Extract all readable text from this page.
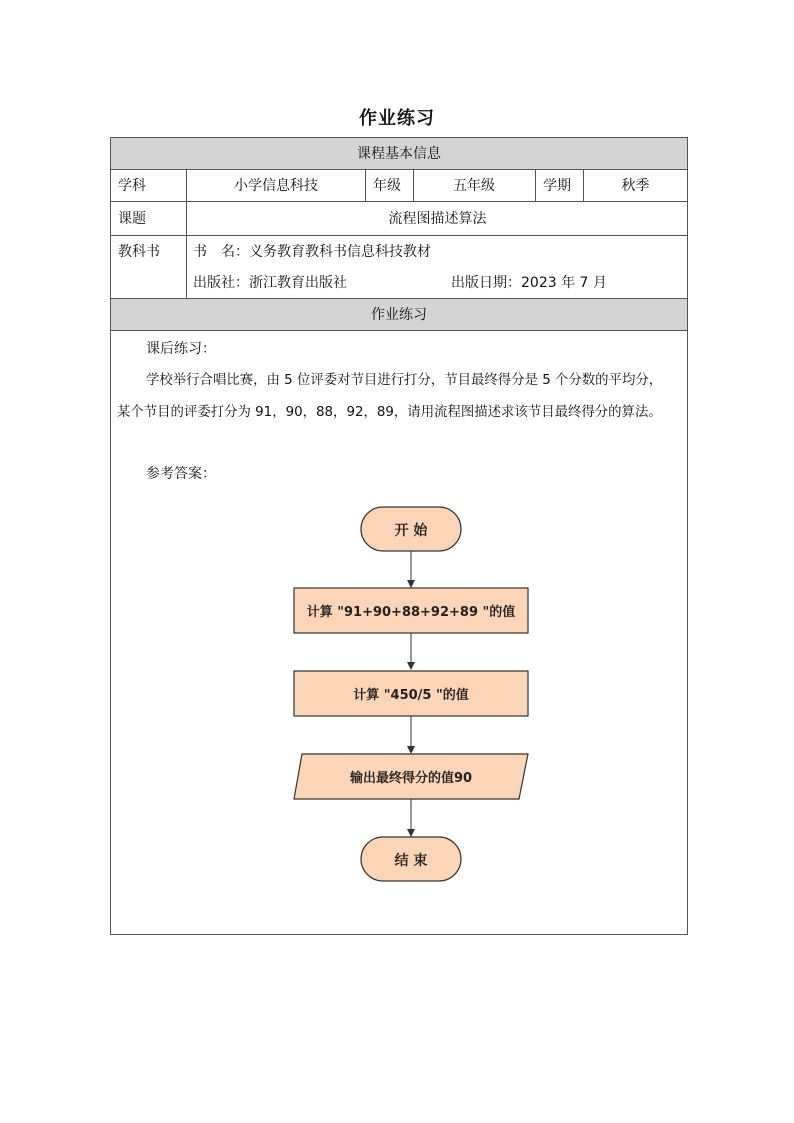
作业练习
课程基本信息
学科	小学信息科技	年级	五年级	学期	秋季
课题	流程图描述算法
教科书	书　名：义务教育教科书信息科技教材
出版社：浙江教育出版社	出版日期：2023 年 7 月
作业练习
课后练习：
学校举行合唱比赛，由 5 位评委对节目进行打分，节目最终得分是 5 个分数的平均分，
某个节目的评委打分为 91，90，88，92，89，请用流程图描述求该节目最终得分的算法。
参考答案：
开 始
计算 "91+90+88+92+89 "的值
计算 "450/5 "的值
输出最终得分的值90
结 束
